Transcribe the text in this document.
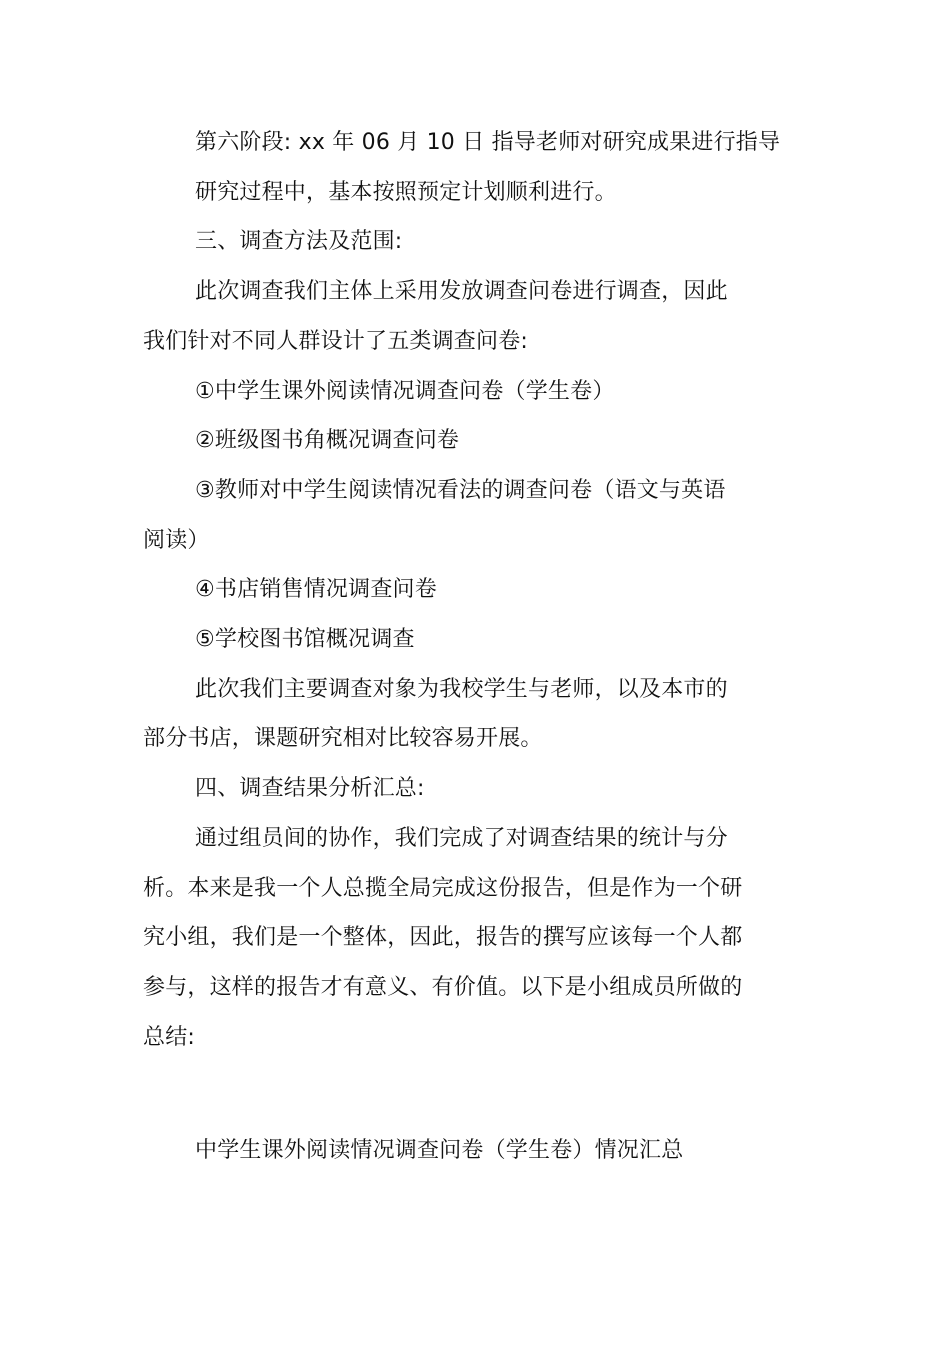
第六阶段: xx 年 06 月 10 日 指导老师对研究成果进行指导

研究过程中，基本按照预定计划顺利进行。

三、调查方法及范围:

此次调查我们主体上采用发放调查问卷进行调查，因此我们针对不同人群设计了五类调查问卷:

①中学生课外阅读情况调查问卷（学生卷）

②班级图书角概况调查问卷

③教师对中学生阅读情况看法的调查问卷（语文与英语阅读）

④书店销售情况调查问卷

⑤学校图书馆概况调查

此次我们主要调查对象为我校学生与老师，以及本市的部分书店，课题研究相对比较容易开展。

四、调查结果分析汇总:

通过组员间的协作，我们完成了对调查结果的统计与分析。本来是我一个人总揽全局完成这份报告，但是作为一个研究小组，我们是一个整体，因此，报告的撰写应该每一个人都参与，这样的报告才有意义、有价值。以下是小组成员所做的总结:

中学生课外阅读情况调查问卷（学生卷）情况汇总
